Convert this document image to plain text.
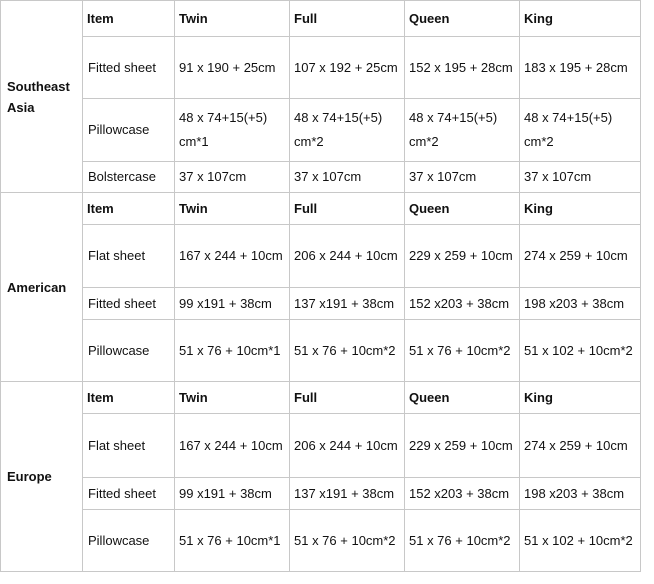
Southeast Asia	Item	Twin	Full	Queen	King
	Fitted sheet	91 x 190 + 25cm	107 x 192 + 25cm	152 x 195 + 28cm	183 x 195 + 28cm
	Pillowcase	48 x 74+15(+5) cm*1	48 x 74+15(+5) cm*2	48 x 74+15(+5) cm*2	48 x 74+15(+5) cm*2
	Bolstercase	37 x 107cm	37 x 107cm	37 x 107cm	37 x 107cm
American	Item	Twin	Full	Queen	King
	Flat sheet	167 x 244 + 10cm	206 x 244 + 10cm	229 x 259 + 10cm	274 x 259 + 10cm
	Fitted sheet	99 x191 + 38cm	137 x191 + 38cm	152 x203 + 38cm	198 x203 + 38cm
	Pillowcase	51 x 76 + 10cm*1	51 x 76 + 10cm*2	51 x 76 + 10cm*2	51 x 102 + 10cm*2
Europe	Item	Twin	Full	Queen	King
	Flat sheet	167 x 244 + 10cm	206 x 244 + 10cm	229 x 259 + 10cm	274 x 259 + 10cm
	Fitted sheet	99 x191 + 38cm	137 x191 + 38cm	152 x203 + 38cm	198 x203 + 38cm
	Pillowcase	51 x 76 + 10cm*1	51 x 76 + 10cm*2	51 x 76 + 10cm*2	51 x 102 + 10cm*2
